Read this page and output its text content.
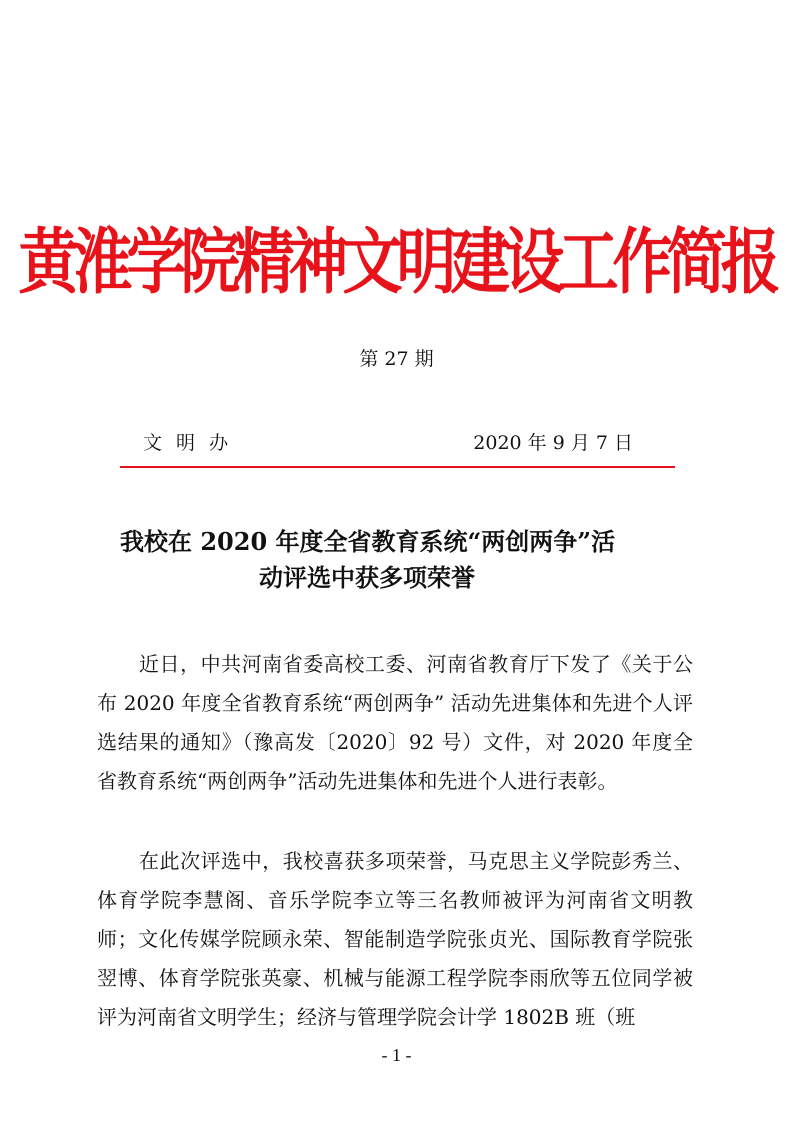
黄淮学院精神文明建设工作简报
第 27 期
文 明 办	2020 年 9 月 7 日
我校在 2020 年度全省教育系统“两创两争”活
动评选中获多项荣誉

近日，中共河南省委高校工委、河南省教育厅下发了《关于公布 2020 年度全省教育系统“两创两争” 活动先进集体和先进个人评选结果的通知》（豫高发〔2020〕92 号）文件，对 2020 年度全省教育系统“两创两争”活动先进集体和先进个人进行表彰。

在此次评选中，我校喜获多项荣誉，马克思主义学院彭秀兰、体育学院李慧阁、音乐学院李立等三名教师被评为河南省文明教师；文化传媒学院顾永荣、智能制造学院张贞光、国际教育学院张翌博、体育学院张英豪、机械与能源工程学院李雨欣等五位同学被评为河南省文明学生；经济与管理学院会计学 1802B 班（班

- 1 -
